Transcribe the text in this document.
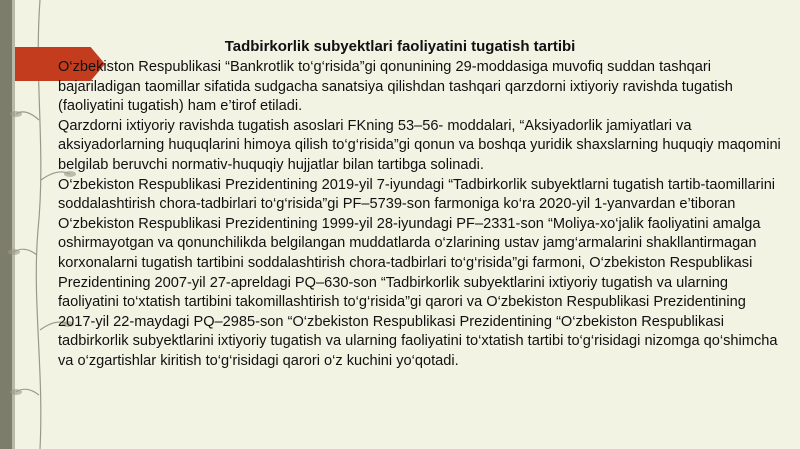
Tadbirkorlik subyektlari faoliyatini tugatish tartibi

O‘zbekiston Respublikasi “Bankrotlik to‘g‘risida”gi qonunining 29-moddasiga muvofiq suddan tashqari bajariladigan taomillar sifatida sudgacha sanatsiya qilishdan tashqari qarzdorni ixtiyoriy ravishda tugatish (faoliyatini tugatish) ham e’tirof etiladi.

Qarzdorni ixtiyoriy ravishda tugatish asoslari FKning 53–56- moddalari, “Aksiyadorlik jamiyatlari va aksiyadorlarning huquqlarini himoya qilish to‘g‘risida”gi qonun va boshqa yuridik shaxslarning huquqiy maqomini belgilab beruvchi normativ-huquqiy hujjatlar bilan tartibga solinadi.

O‘zbekiston Respublikasi Prezidentining 2019-yil 7-iyundagi “Tadbirkorlik subyektlarni tugatish tartib-taomillarini soddalashtirish chora-tadbirlari to‘g‘risida”gi PF–5739-son farmoniga ko‘ra 2020-yil 1-yanvardan e’tiboran O‘zbekiston Respublikasi Prezidentining 1999-yil 28-iyundagi PF–2331-son “Moliya-xo‘jalik faoliyatini amalga oshirmayotgan va qonunchilikda belgilangan muddatlarda o‘zlarining ustav jamg‘armalarini shakllantirmagan korxonalarni tugatish tartibini soddalashtirish chora-tadbirlari to‘g‘risida”gi farmoni, O‘zbekiston Respublikasi Prezidentining 2007-yil 27-apreldagi PQ–630-son “Tadbirkorlik subyektlarini ixtiyoriy tugatish va ularning faoliyatini to‘xtatish tartibini takomillashtirish to‘g‘risida”gi qarori va O‘zbekiston Respublikasi Prezidentining 2017-yil 22-maydagi PQ–2985-son “O‘zbekiston Respublikasi Prezidentining “O‘zbekiston Respublikasi tadbirkorlik subyektlarini ixtiyoriy tugatish va ularning faoliyatini to‘xtatish tartibi to‘g‘risidagi nizomga qo‘shimcha va o‘zgartishlar kiritish to‘g‘risidagi qarori o‘z kuchini yo‘qotadi.
